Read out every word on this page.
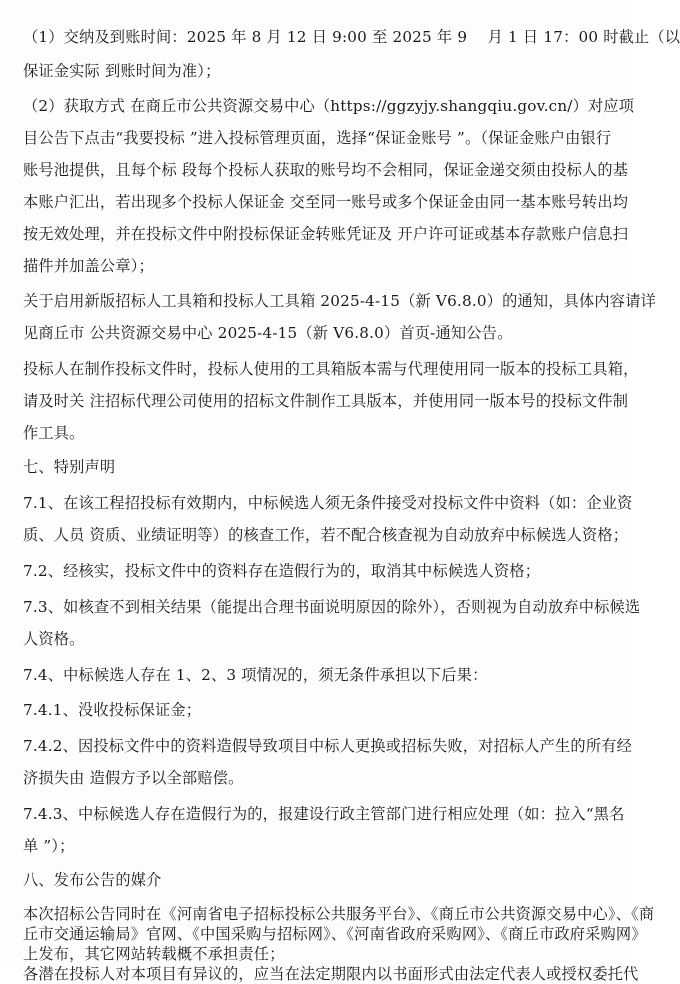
（1）交纳及到账时间：2025 年 8 月 12 日 9:00 至 2025 年 9　 月 1 日 17：00 时截止（以
保证金实际 到账时间为准）；
（2）获取方式 在商丘市公共资源交易中心（https://ggzyjy.shangqiu.gov.cn/）对应项
目公告下点击“我要投标 ”进入投标管理页面，选择“保证金账号 ”。（保证金账户由银行
账号池提供，且每个标 段每个投标人获取的账号均不会相同，保证金递交须由投标人的基
本账户汇出，若出现多个投标人保证金 交至同一账号或多个保证金由同一基本账号转出均
按无效处理，并在投标文件中附投标保证金转账凭证及 开户许可证或基本存款账户信息扫
描件并加盖公章）；
关于启用新版招标人工具箱和投标人工具箱 2025-4-15（新 V6.8.0）的通知，具体内容请详
见商丘市 公共资源交易中心 2025-4-15（新 V6.8.0）首页-通知公告。
投标人在制作投标文件时，投标人使用的工具箱版本需与代理使用同一版本的投标工具箱，
请及时关 注招标代理公司使用的招标文件制作工具版本，并使用同一版本号的投标文件制
作工具。
七、特别声明
7.1、在该工程招投标有效期内，中标候选人须无条件接受对投标文件中资料（如：企业资
质、人员 资质、业绩证明等）的核查工作，若不配合核查视为自动放弃中标候选人资格；
7.2、经核实，投标文件中的资料存在造假行为的，取消其中标候选人资格；
7.3、如核查不到相关结果（能提出合理书面说明原因的除外），否则视为自动放弃中标候选
人资格。
7.4、中标候选人存在 1、2、3 项情况的，须无条件承担以下后果：
7.4.1、没收投标保证金；
7.4.2、因投标文件中的资料造假导致项目中标人更换或招标失败，对招标人产生的所有经
济损失由 造假方予以全部赔偿。
7.4.3、中标候选人存在造假行为的，报建设行政主管部门进行相应处理（如：拉入“黑名
单 ”）；
八、发布公告的媒介
本次招标公告同时在《河南省电子招标投标公共服务平台》、《商丘市公共资源交易中心》、《商
丘市交通运输局》官网、《中国采购与招标网》、《河南省政府采购网》、《商丘市政府采购网》
上发布，其它网站转载概不承担责任；
各潜在投标人对本项目有异议的，应当在法定期限内以书面形式由法定代表人或授权委托代
